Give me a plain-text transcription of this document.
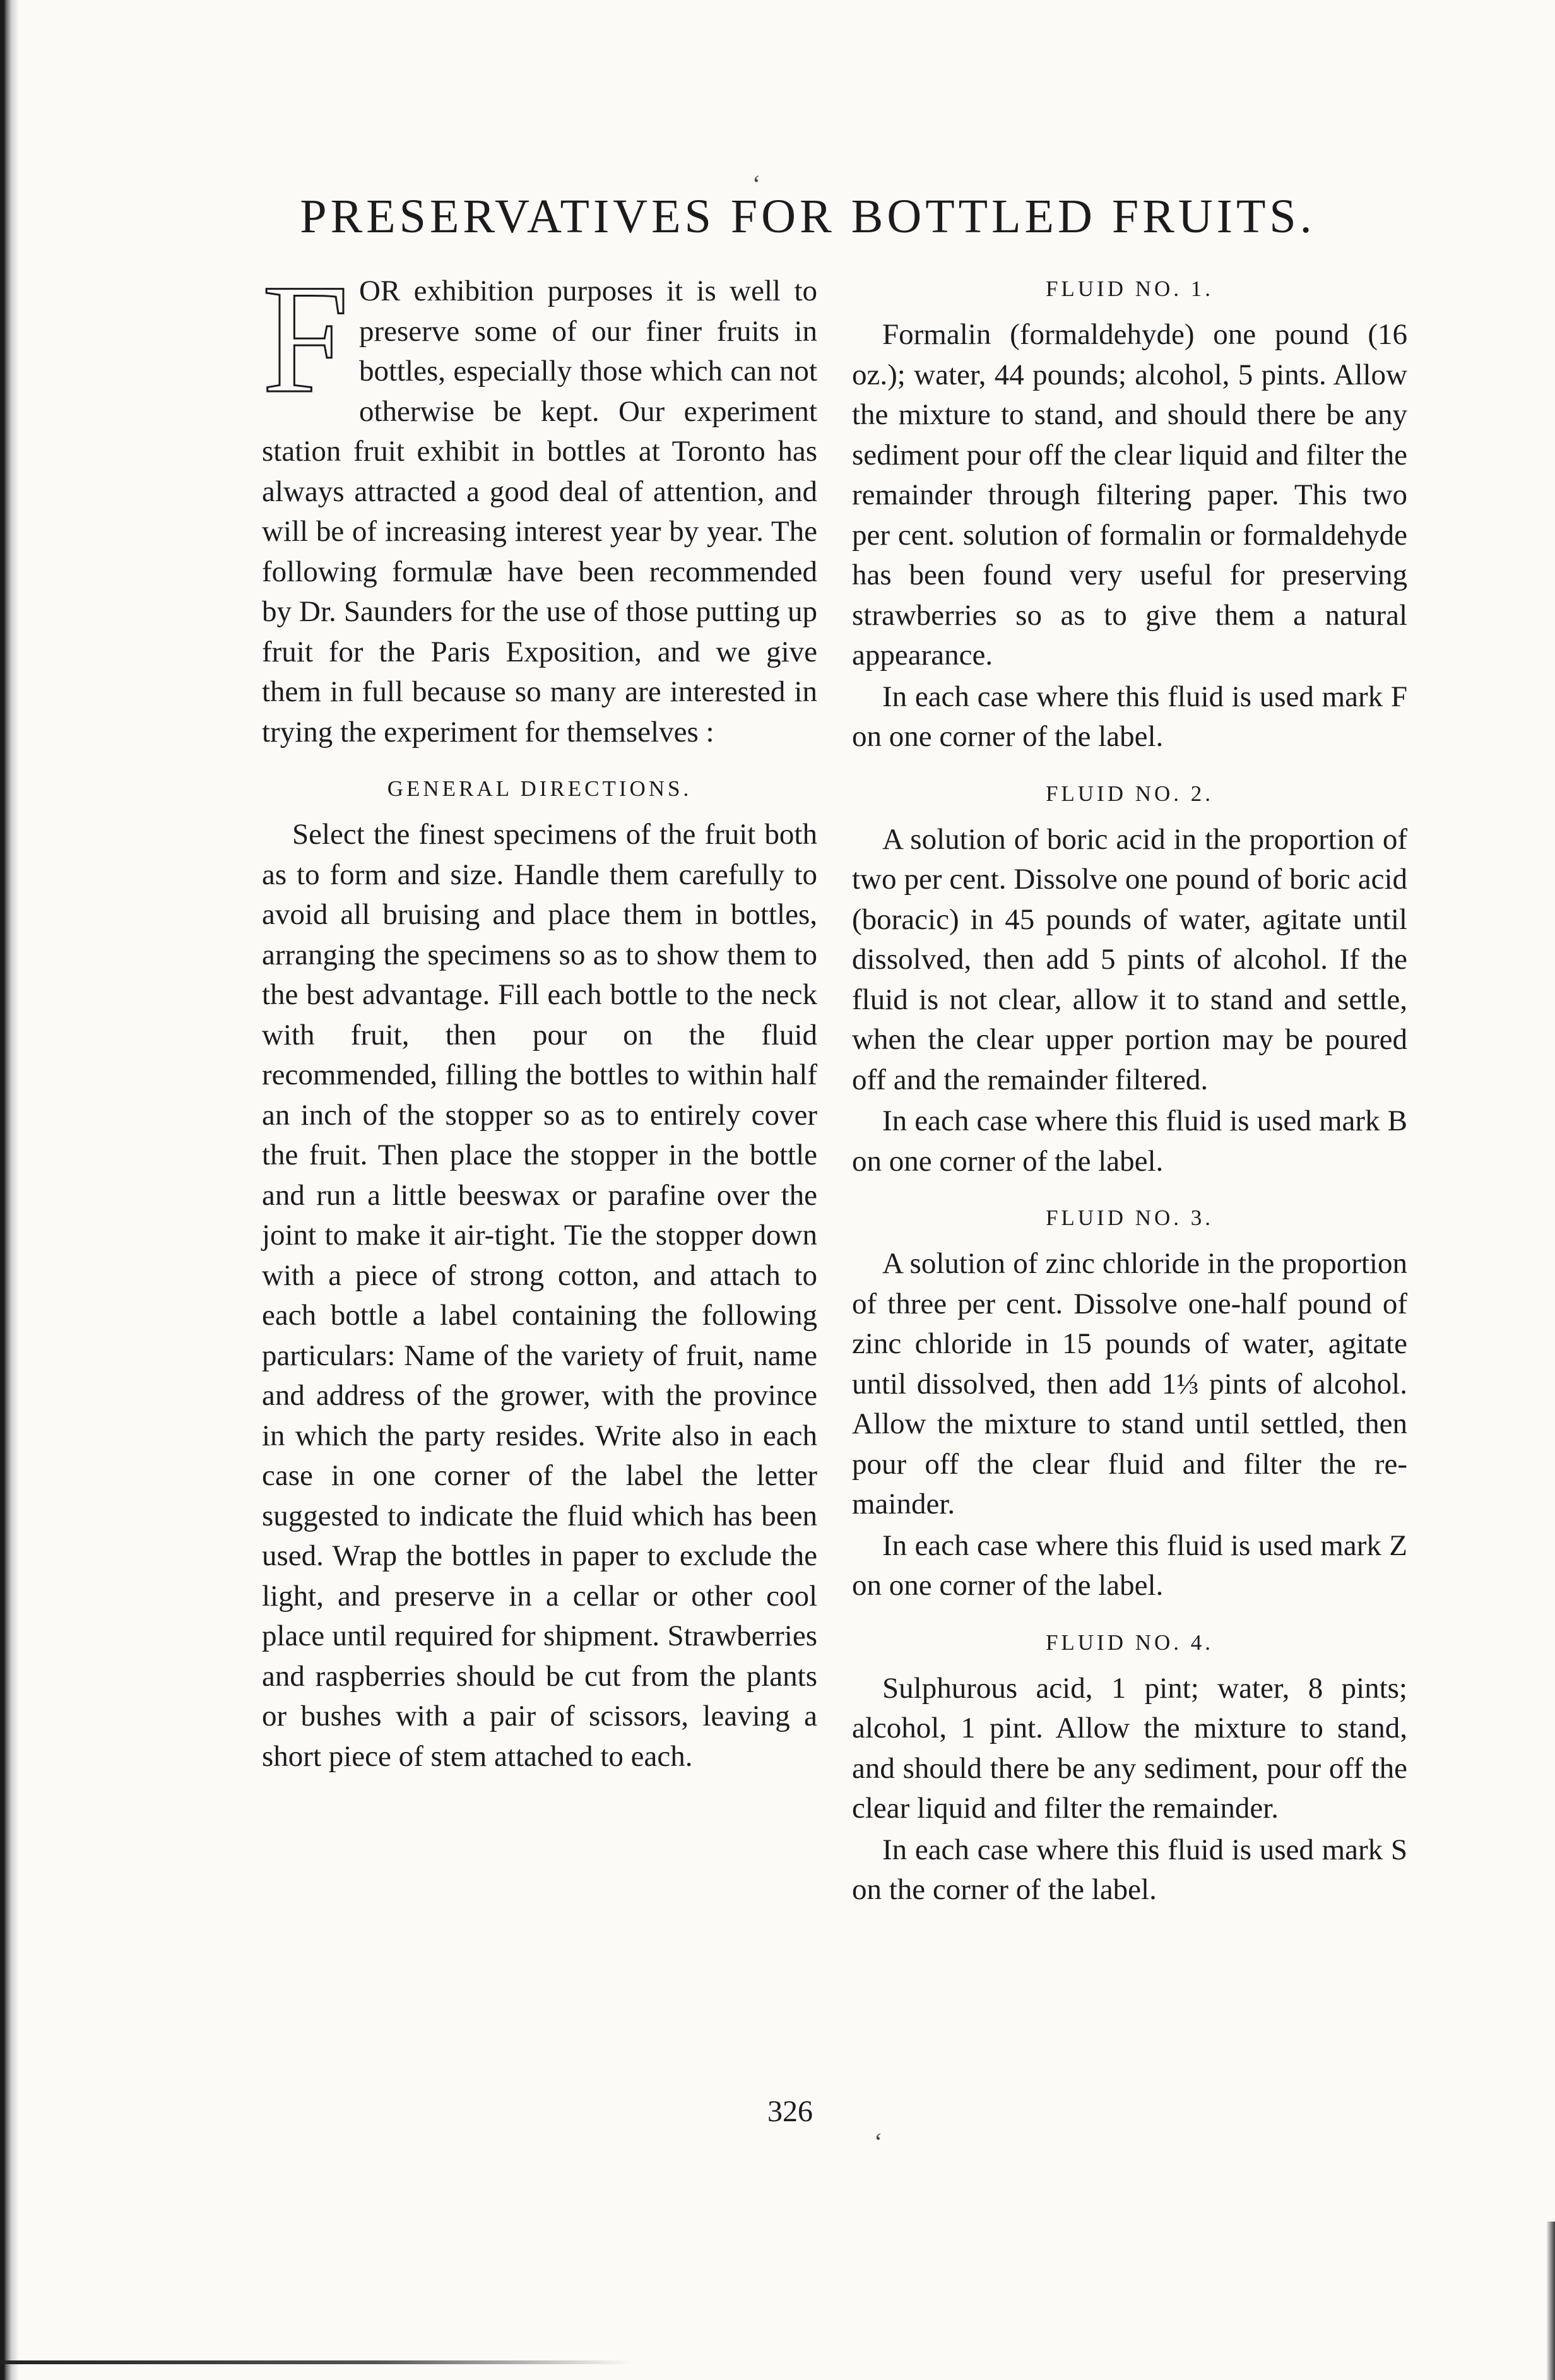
‘
‘
PRESERVATIVES FOR BOTTLED FRUITS.

FOR exhibition purposes it is well to preserve some of our finer fruits in bottles, especially those which can not otherwise be kept. Our experiment station fruit exhibit in bottles at Toronto has always attracted a good deal of attention, and will be of increasing interest year by year. The following formulæ have been recommended by Dr. Saunders for the use of those putting up fruit for the Paris Exposition, and we give them in full because so many are interested in trying the experiment for themselves :

GENERAL DIRECTIONS.

Select the finest specimens of the fruit both as to form and size. Handle them carefully to avoid all bruising and place them in bottles, arranging the specimens so as to show them to the best advantage. Fill each bottle to the neck with fruit, then pour on the fluid recommended, filling the bottles to within half an inch of the stopper so as to entirely cover the fruit. Then place the stopper in the bottle and run a little beeswax or parafine over the joint to make it air-tight. Tie the stopper down with a piece of strong cotton, and attach to each bottle a label containing the following particulars: Name of the variety of fruit, name and address of the grower, with the province in which the party resides. Write also in each case in one corner of the label the letter suggested to indicate the fluid which has been used. Wrap the bottles in paper to exclude the light, and preserve in a cellar or other cool place until required for shipment. Strawberries and raspberries should be cut from the plants or bushes with a pair of scissors, leaving a short piece of stem attached to each.

FLUID NO. 1.

Formalin (formaldehyde) one pound (16 oz.); water, 44 pounds; alcohol, 5 pints. Allow the mixture to stand, and should there be any sediment pour off the clear liquid and filter the remainder through filtering paper. This two per cent. solution of formalin or formaldehyde has been found very useful for preserving strawberries so as to give them a natural appearance.

In each case where this fluid is used mark F on one corner of the label.

FLUID NO. 2.

A solution of boric acid in the proportion of two per cent. Dissolve one pound of boric acid (boracic) in 45 pounds of water, agitate until dissolved, then add 5 pints of alcohol. If the fluid is not clear, allow it to stand and settle, when the clear upper portion may be poured off and the remainder filtered.

In each case where this fluid is used mark B on one corner of the label.

FLUID NO. 3.

A solution of zinc chloride in the proportion of three per cent. Dissolve one-half pound of zinc chloride in 15 pounds of water, agitate until dissolved, then add 1⅓ pints of alcohol. Allow the mixture to stand until settled, then pour off the clear fluid and filter the remainder.

In each case where this fluid is used mark Z on one corner of the label.

FLUID NO. 4.

Sulphurous acid, 1 pint; water, 8 pints; alcohol, 1 pint. Allow the mixture to stand, and should there be any sediment, pour off the clear liquid and filter the remainder.

In each case where this fluid is used mark S on the corner of the label.

326
